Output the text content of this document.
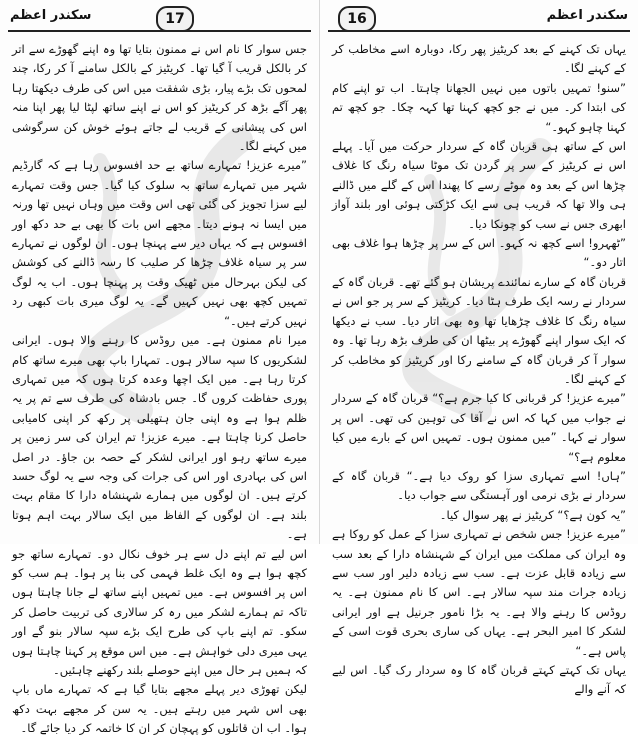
سکندر اعظم	17

جس سوار کا نام اس نے ممنون بتایا تھا وہ اپنے گھوڑے سے اتر کر بالکل قریب آ گیا تھا۔ کریٹیز کے بالکل سامنے آ کر رکا، چند لمحوں تک بڑے پیار، بڑی شفقت میں اس کی طرف دیکھتا رہا پھر آگے بڑھ کر کریٹیز کو اس نے اپنے ساتھ لپٹا لیا پھر اپنا منہ اس کی پیشانی کے قریب لے جاتے ہوئے خوش کن سرگوشی میں کہنے لگا۔

”میرے عزیز! تمہارے ساتھ بے حد افسوس رہا ہے کہ گارڈیم شہر میں تمہارے ساتھ بہ سلوک کیا گیا۔ جس وقت تمہارے لیے سزا تجویز کی گئی تھی اس وقت میں وہاں نہیں تھا ورنہ میں ایسا نہ ہونے دیتا۔ مجھے اس بات کا بھی بے حد دکھ اور افسوس ہے کہ یہاں دیر سے پہنچا ہوں۔ ان لوگوں نے تمہارے سر پر سیاہ غلاف چڑھا کر صلیب کا رسہ ڈالنے کی کوشش کی لیکن بہرحال میں ٹھیک وقت پر پہنچا ہوں۔ اب یہ لوگ تمہیں کچھ بھی نہیں کہیں گے۔ یہ لوگ میری بات کبھی رد نہیں کرتے ہیں۔“

میرا نام ممنون ہے۔ میں روڈس کا رہنے والا ہوں۔ ایرانی لشکریوں کا سپہ سالار ہوں۔ تمہارا باپ بھی میرے ساتھ کام کرتا رہا ہے۔ میں ایک اچھا وعدہ کرتا ہوں کہ میں تمہاری پوری حفاظت کروں گا۔ جس بادشاہ کی طرف سے تم پر یہ ظلم ہوا ہے وہ اپنی جان ہتھیلی پر رکھ کر اپنی کامیابی حاصل کرنا چاہتا ہے۔ میرے عزیز! تم ایران کی سر زمین پر میرے ساتھ رہو اور ایرانی لشکر کے حصہ بن جاؤ۔ در اصل اس کی بہادری اور اس کی جرات کی وجہ سے یہ لوگ حسد کرتے ہیں۔ ان لوگوں میں ہمارے شہنشاہ دارا کا مقام بہت بلند ہے۔ ان لوگوں کے الفاظ میں ایک سالار بہت اہم ہوتا ہے۔

اس لیے تم اپنے دل سے ہر خوف نکال دو۔ تمہارے ساتھ جو کچھ ہوا ہے وہ ایک غلط فہمی کی بنا پر ہوا۔ ہم سب کو اس پر افسوس ہے۔ میں تمہیں اپنے ساتھ لے جانا چاہتا ہوں تاکہ تم ہمارے لشکر میں رہ کر سالاری کی تربیت حاصل کر سکو۔ تم اپنے باپ کی طرح ایک بڑے سپہ سالار بنو گے اور یہی میری دلی خواہش ہے۔ میں اس موقع پر کہنا چاہتا ہوں کہ ہمیں ہر حال میں اپنے حوصلے بلند رکھنے چاہئیں۔

لیکن تھوڑی دیر پہلے مجھے بتایا گیا ہے کہ تمہارے ماں باپ بھی اس شہر میں رہتے ہیں۔ یہ سن کر مجھے بہت دکھ ہوا۔ اب ان قاتلوں کو پہچان کر ان کا خاتمہ کر دیا جائے گا۔

16	سکندر اعظم

یہاں تک کہنے کے بعد کریٹیز پھر رکا، دوبارہ اسے مخاطب کر کے کہنے لگا۔

”سنو! تمہیں باتوں میں نہیں الجھانا چاہتا۔ اب تو اپنے کام کی ابتدا کر۔ میں نے جو کچھ کہنا تھا کہہ چکا۔ جو کچھ تم کہنا چاہو کہو۔“

اس کے ساتھ ہی قربان گاہ کے سردار حرکت میں آیا۔ پہلے اس نے کریٹیز کے سر پر گردن تک موٹا سیاہ رنگ کا غلاف چڑھا اس کے بعد وہ موٹے رسے کا پھندا اس کے گلے میں ڈالنے ہی والا تھا کہ قریب ہی سے ایک کڑکتی ہوئی اور بلند آواز ابھری جس نے سب کو چونکا دیا۔

”ٹھہرو! اسے کچھ نہ کہو۔ اس کے سر پر چڑھا ہوا غلاف بھی اتار دو۔“

قربان گاہ کے سارے نمائندے پریشان ہو گئے تھے۔ قربان گاہ کے سردار نے رسہ ایک طرف ہٹا دیا۔ کریٹیز کے سر پر جو اس نے سیاہ رنگ کا غلاف چڑھایا تھا وہ بھی اتار دیا۔ سب نے دیکھا کہ ایک سوار اپنے گھوڑے پر بیٹھا ان کی طرف بڑھ رہا تھا۔ وہ سوار آ کر قربان گاہ کے سامنے رکا اور کریٹیز کو مخاطب کر کے کہنے لگا۔

”میرے عزیز! کر قربانی کا کیا جرم ہے؟“ قربان گاہ کے سردار نے جواب میں کہا کہ اس نے آقا کی توہین کی تھی۔ اس پر سوار نے کہا۔ ”میں ممنون ہوں۔ تمہیں اس کے بارے میں کیا معلوم ہے؟“

”ہاں! اسے تمہاری سزا کو روک دیا ہے۔“ قربان گاہ کے سردار نے بڑی نرمی اور آہستگی سے جواب دیا۔

”یہ کون ہے؟“ کریٹیز نے پھر سوال کیا۔

”میرے عزیز! جس شخص نے تمہاری سزا کے عمل کو روکا ہے وہ ایران کی مملکت میں ایران کے شہنشاہ دارا کے بعد سب سے زیادہ قابل عزت ہے۔ سب سے زیادہ دلیر اور سب سے زیادہ جرات مند سپہ سالار ہے۔ اس کا نام ممنون ہے۔ یہ روڈس کا رہنے والا ہے۔ یہ بڑا نامور جرنیل ہے اور ایرانی لشکر کا امیر البحر ہے۔ یہاں کی ساری بحری قوت اسی کے پاس ہے۔“

یہاں تک کہتے کہتے قربان گاہ کا وہ سردار رک گیا۔ اس لیے کہ آنے والے
